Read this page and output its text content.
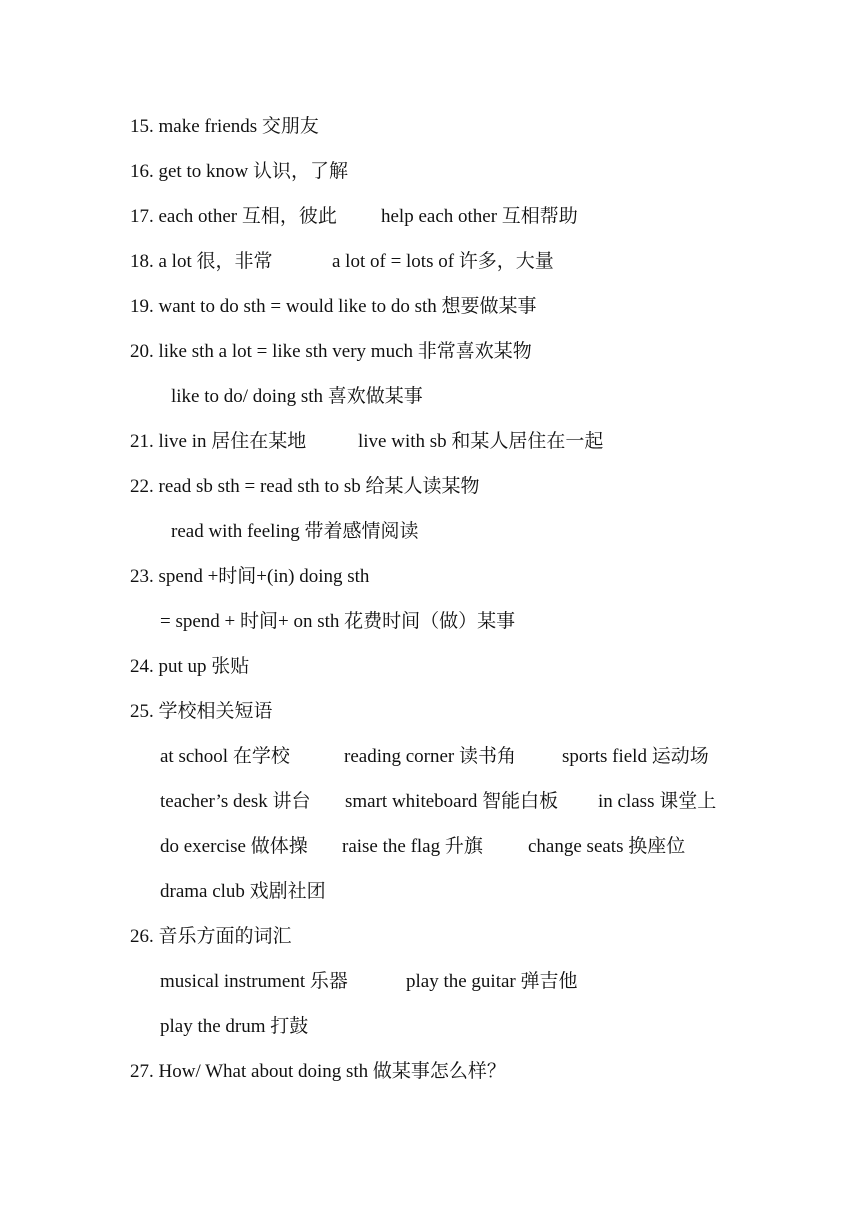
15. make friends 交朋友
16. get to know 认识，了解
17. each other 互相，彼此 help each other 互相帮助
18. a lot 很，非常	a lot of = lots of 许多，大量
19. want to do sth = would like to do sth 想要做某事
20. like sth a lot = like sth very much 非常喜欢某物
like to do/ doing sth 喜欢做某事
21. live in 居住在某地	live with sb 和某人居住在一起
22. read sb sth = read sth to sb 给某人读某物
read with feeling 带着感情阅读
23. spend +时间+(in) doing sth
= spend + 时间+ on sth 花费时间（做）某事
24. put up 张贴
25. 学校相关短语
at school 在学校	reading corner 读书角 sports field 运动场
teacher’s desk 讲台 smart whiteboard 智能白板 in class 课堂上
do exercise 做体操 raise the flag 升旗 change seats 换座位
drama club 戏剧社团
26. 音乐方面的词汇
musical instrument 乐器	play the guitar 弹吉他
play the drum 打鼓
27. How/ What about doing sth 做某事怎么样？
